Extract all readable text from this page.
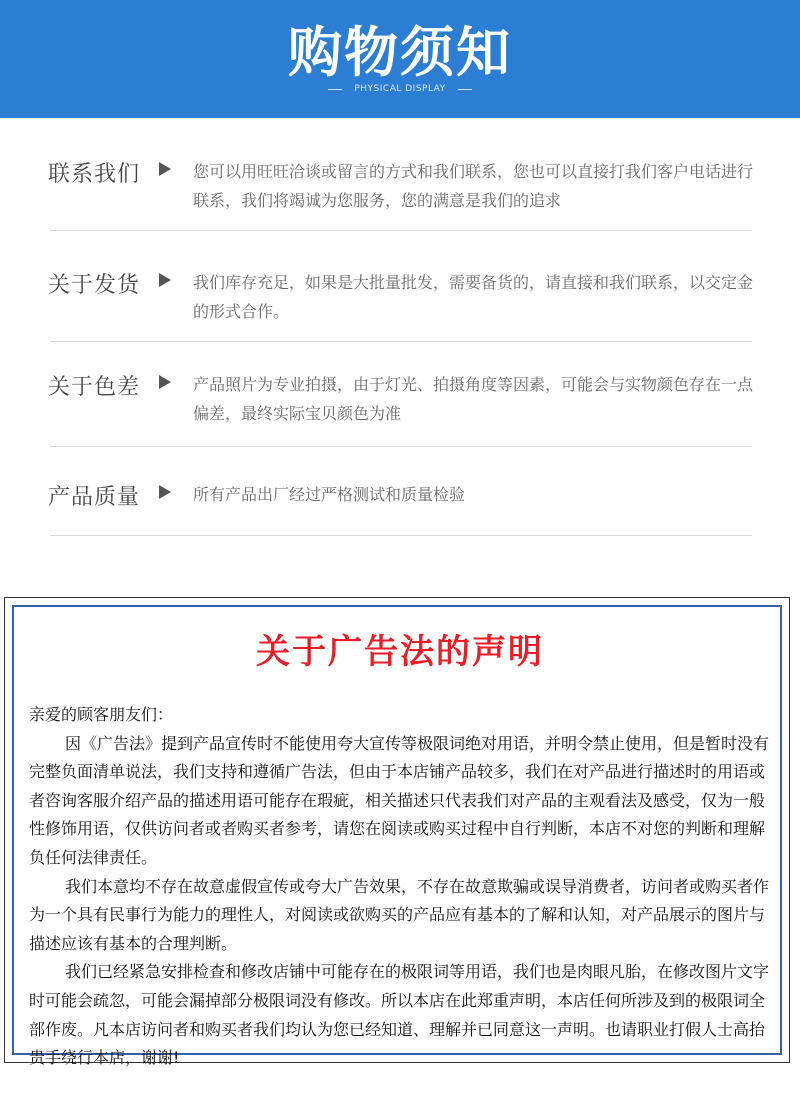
购物须知
PHYSICAL DISPLAY
联系我们	您可以用旺旺洽谈或留言的方式和我们联系，您也可以直接打我们客户电话进行联系，我们将竭诚为您服务，您的满意是我们的追求
关于发货	我们库存充足，如果是大批量批发，需要备货的，请直接和我们联系，以交定金的形式合作。
关于色差	产品照片为专业拍摄，由于灯光、拍摄角度等因素，可能会与实物颜色存在一点偏差，最终实际宝贝颜色为准
产品质量	所有产品出厂经过严格测试和质量检验
关于广告法的声明

亲爱的顾客朋友们：

因《广告法》提到产品宣传时不能使用夸大宣传等极限词绝对用语，并明令禁止使用，但是暂时没有完整负面清单说法，我们支持和遵循广告法，但由于本店铺产品较多，我们在对产品进行描述时的用语或者咨询客服介绍产品的描述用语可能存在瑕疵，相关描述只代表我们对产品的主观看法及感受，仅为一般性修饰用语，仅供访问者或者购买者参考，请您在阅读或购买过程中自行判断，本店不对您的判断和理解负任何法律责任。

我们本意均不存在故意虚假宣传或夸大广告效果，不存在故意欺骗或误导消费者，访问者或购买者作为一个具有民事行为能力的理性人，对阅读或欲购买的产品应有基本的了解和认知，对产品展示的图片与描述应该有基本的合理判断。

我们已经紧急安排检查和修改店铺中可能存在的极限词等用语，我们也是肉眼凡胎，在修改图片文字时可能会疏忽，可能会漏掉部分极限词没有修改。所以本店在此郑重声明，本店任何所涉及到的极限词全部作废。凡本店访问者和购买者我们均认为您已经知道、理解并已同意这一声明。也请职业打假人士高抬贵手绕行本店，谢谢!
